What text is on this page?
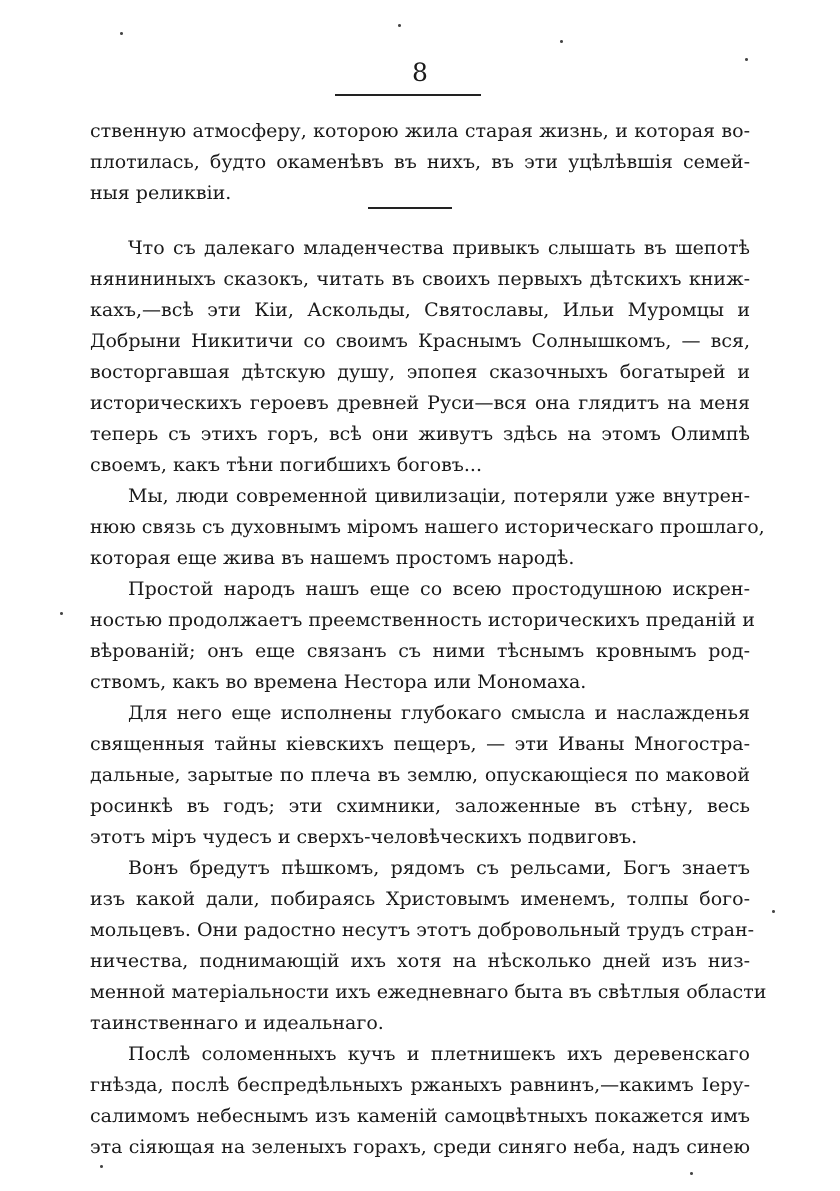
8
ственную атмосферу, которою жила старая жизнь, и которая во-
плотилась, будто окаменѣвъ въ нихъ, въ эти уцѣлѣвшія семей-
ныя реликвіи.
Что съ далекаго младенчества привыкъ слышать въ шепотѣ
нянининыхъ сказокъ, читать въ своихъ первыхъ дѣтскихъ книж-
кахъ,—всѣ эти Кіи, Аскольды, Святославы, Ильи Муромцы и
Добрыни Никитичи со своимъ Краснымъ Солнышкомъ, — вся,
восторгавшая дѣтскую душу, эпопея сказочныхъ богатырей и
историческихъ героевъ древней Руси—вся она глядитъ на меня
теперь съ этихъ горъ, всѣ они живутъ здѣсь на этомъ Олимпѣ
своемъ, какъ тѣни погибшихъ боговъ...
Мы, люди современной цивилизаціи, потеряли уже внутрен-
нюю связь съ духовнымъ міромъ нашего историческаго прошлаго,
которая еще жива въ нашемъ простомъ народѣ.
Простой народъ нашъ еще со всею простодушною искрен-
ностью продолжаетъ преемственность историческихъ преданій и
вѣрованій; онъ еще связанъ съ ними тѣснымъ кровнымъ род-
ствомъ, какъ во времена Нестора или Мономаха.
Для него еще исполнены глубокаго смысла и наслажденья
священныя тайны кіевскихъ пещеръ, — эти Иваны Многострa-
дальные, зарытые по плеча въ землю, опускающіеся по маковой
росинкѣ въ годъ; эти схимники, заложенные въ стѣну, весь
этотъ міръ чудесъ и сверхъ-человѣческихъ подвиговъ.
Вонъ бредутъ пѣшкомъ, рядомъ съ рельсами, Богъ знаетъ
изъ какой дали, побираясь Христовымъ именемъ, толпы бого-
мольцевъ. Они радостно несутъ этотъ добровольный трудъ стран-
ничества, поднимающій ихъ хотя на нѣсколько дней изъ низ-
менной матеріальности ихъ ежедневнаго быта въ свѣтлыя области
таинственнаго и идеальнаго.
Послѣ соломенныхъ кучъ и плетнишекъ ихъ деревенскаго
гнѣзда, послѣ беспредѣльныхъ ржаныхъ равнинъ,—какимъ Іеру-
салимомъ небеснымъ изъ каменій самоцвѣтныхъ покажется имъ
эта сіяющая на зеленыхъ горахъ, среди синяго неба, надъ синею
